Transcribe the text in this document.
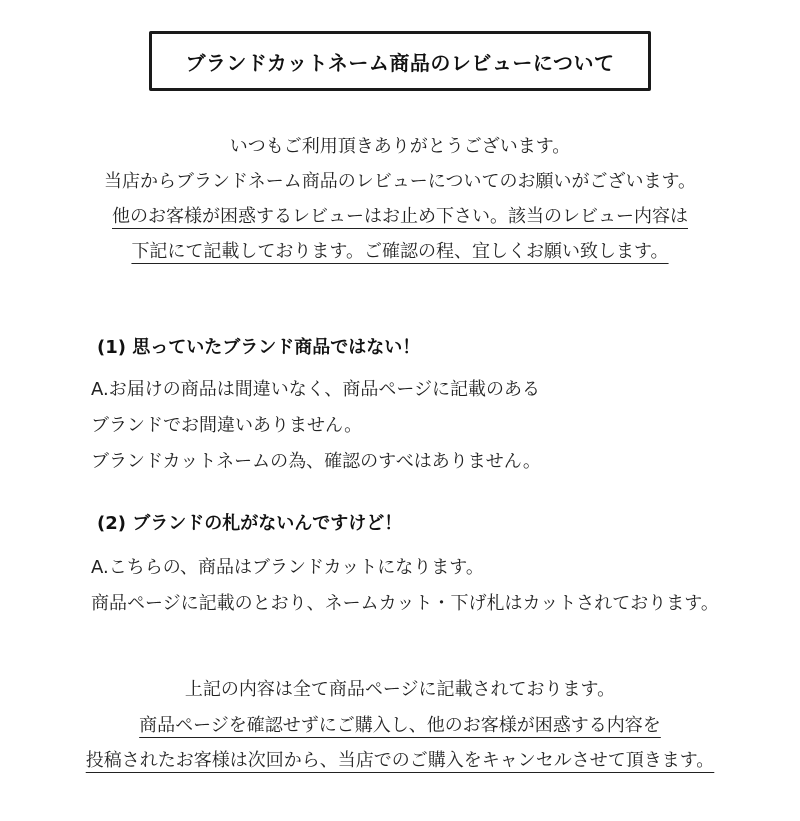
ブランドカットネーム商品のレビューについて
いつもご利用頂きありがとうございます。
当店からブランドネーム商品のレビューについてのお願いがございます。
他のお客様が困惑するレビューはお止め下さい。該当のレビュー内容は
下記にて記載しております。ご確認の程、宜しくお願い致します。
(1) 思っていたブランド商品ではない！
A.お届けの商品は間違いなく、商品ページに記載のある
ブランドでお間違いありません。
ブランドカットネームの為、確認のすべはありません。
(2) ブランドの札がないんですけど！
A.こちらの、商品はブランドカットになります。
商品ページに記載のとおり、ネームカット・下げ札はカットされております。
上記の内容は全て商品ページに記載されております。
商品ページを確認せずにご購入し、他のお客様が困惑する内容を
投稿されたお客様は次回から、当店でのご購入をキャンセルさせて頂きます。
